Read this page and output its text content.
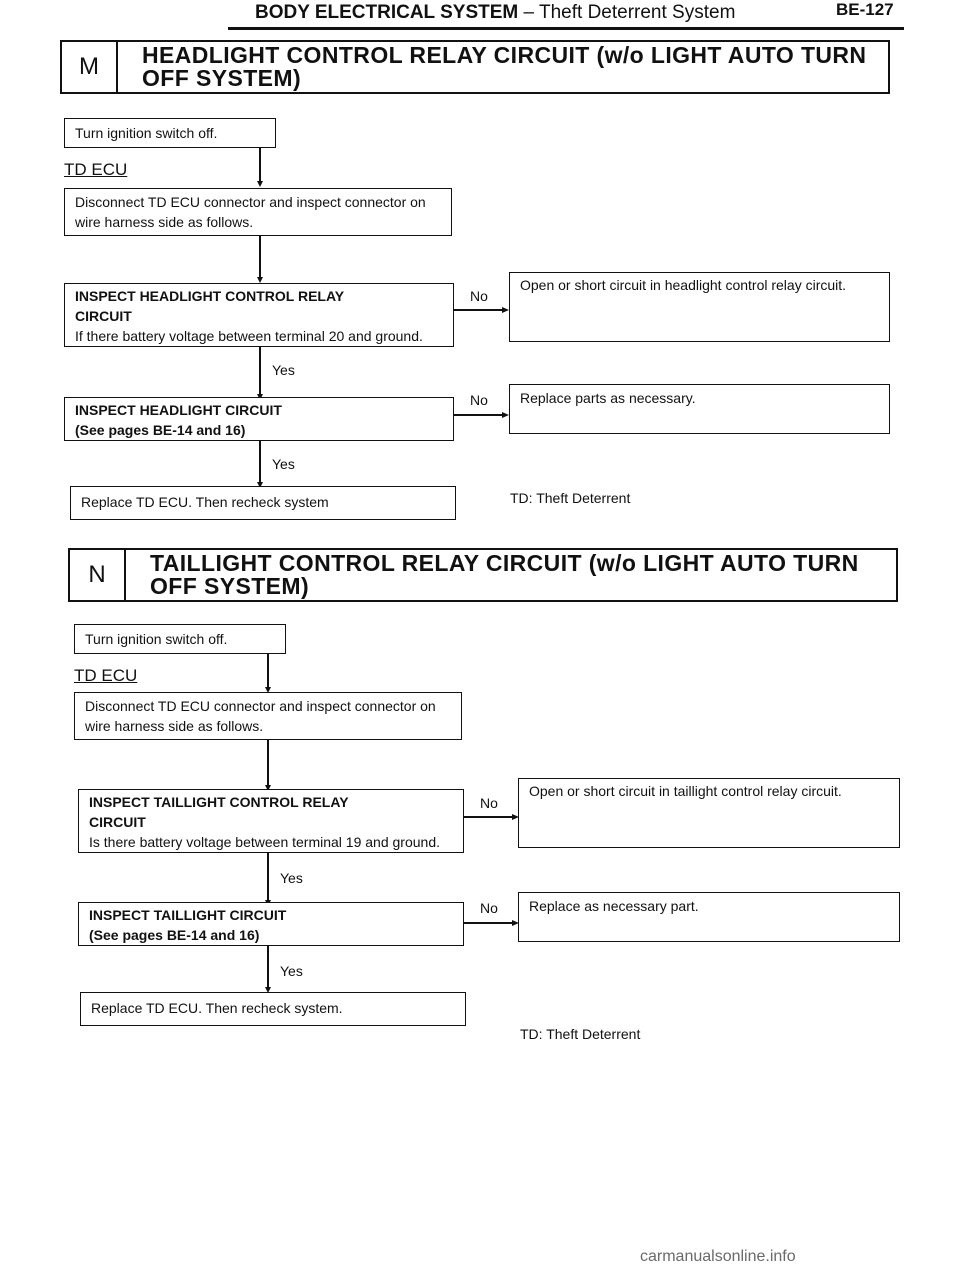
BODY ELECTRICAL SYSTEM – Theft Deterrent System	BE-127
M	HEADLIGHT CONTROL RELAY CIRCUIT (w/o LIGHT AUTO TURN
OFF SYSTEM)
Turn ignition switch off.
TD ECU
Disconnect TD ECU connector and inspect connector on wire harness side as follows.
INSPECT HEADLIGHT CONTROL RELAY
CIRCUIT
If there battery voltage between terminal 20 and ground.
No
Open or short circuit in headlight control relay circuit.
Yes
INSPECT HEADLIGHT CIRCUIT
(See pages BE-14 and 16)
No	Replace parts as necessary.
Yes
Replace TD ECU. Then recheck system	TD: Theft Deterrent
N	TAILLIGHT CONTROL RELAY CIRCUIT (w/o LIGHT AUTO TURN
OFF SYSTEM)
Turn ignition switch off.
TD ECU
Disconnect TD ECU connector and inspect connector on wire harness side as follows.
INSPECT TAILLIGHT CONTROL RELAY
CIRCUIT
Is there battery voltage between terminal 19 and ground.
No
Open or short circuit in taillight control relay circuit.
Yes
INSPECT TAILLIGHT CIRCUIT
(See pages BE-14 and 16)
No	Replace as necessary part.
Yes
Replace TD ECU. Then recheck system.
TD: Theft Deterrent
carmanualsonline.info
